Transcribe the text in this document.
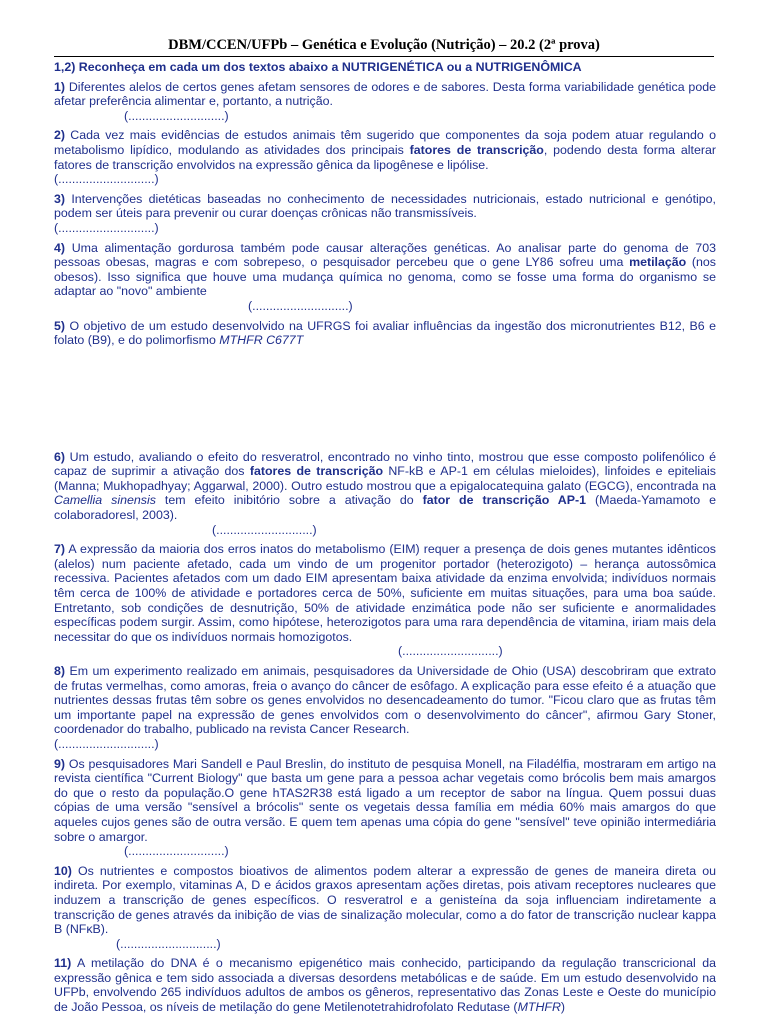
DBM/CCEN/UFPb – Genética e Evolução (Nutrição) – 20.2 (2ª prova)

1,2) Reconheça em cada um dos textos abaixo a NUTRIGENÉTICA ou a NUTRIGENÔMICA

1) Diferentes alelos de certos genes afetam sensores de odores e de sabores. Desta forma variabilidade genética pode afetar preferência alimentar e, portanto, a nutrição.
(............................)

2) Cada vez mais evidências de estudos animais têm sugerido que componentes da soja podem atuar regulando o metabolismo lipídico, modulando as atividades dos principais fatores de transcrição, podendo desta forma alterar fatores de transcrição envolvidos na expressão gênica da lipogênese e lipólise.
(............................)

3) Intervenções dietéticas baseadas no conhecimento de necessidades nutricionais, estado nutricional e genótipo, podem ser úteis para prevenir ou curar doenças crônicas não transmissíveis.
(............................)

4) Uma alimentação gordurosa também pode causar alterações genéticas. Ao analisar parte do genoma de 703 pessoas obesas, magras e com sobrepeso, o pesquisador percebeu que o gene LY86 sofreu uma metilação (nos obesos). Isso significa que houve uma mudança química no genoma, como se fosse uma forma do organismo se adaptar ao "novo" ambiente
(............................)

5) O objetivo de um estudo desenvolvido na UFRGS foi avaliar influências da ingestão dos micronutrientes B12, B6 e folato (B9), e do polimorfismo MTHFR C677T

6) Um estudo, avaliando o efeito do resveratrol, encontrado no vinho tinto, mostrou que esse composto polifenólico é capaz de suprimir a ativação dos fatores de transcrição NF-kB e AP-1 em células mieloides), linfoides e epiteliais (Manna; Mukhopadhyay; Aggarwal, 2000). Outro estudo mostrou que a epigalocatequina galato (EGCG), encontrada na Camellia sinensis tem efeito inibitório sobre a ativação do fator de transcrição AP-1 (Maeda-Yamamoto e colaboradoresl, 2003).
(............................)

7) A expressão da maioria dos erros inatos do metabolismo (EIM) requer a presença de dois genes mutantes idênticos (alelos) num paciente afetado, cada um vindo de um progenitor portador (heterozigoto) – herança autossômica recessiva. Pacientes afetados com um dado EIM apresentam baixa atividade da enzima envolvida; indivíduos normais têm cerca de 100% de atividade e portadores cerca de 50%, suficiente em muitas situações, para uma boa saúde. Entretanto, sob condições de desnutrição, 50% de atividade enzimática pode não ser suficiente e anormalidades específicas podem surgir. Assim, como hipótese, heterozigotos para uma rara dependência de vitamina, iriam mais dela necessitar do que os indivíduos normais homozigotos.
(............................)

8) Em um experimento realizado em animais, pesquisadores da Universidade de Ohio (USA) descobriram que extrato de frutas vermelhas, como amoras, freia o avanço do câncer de esôfago. A explicação para esse efeito é a atuação que nutrientes dessas frutas têm sobre os genes envolvidos no desencadeamento do tumor. "Ficou claro que as frutas têm um importante papel na expressão de genes envolvidos com o desenvolvimento do câncer", afirmou Gary Stoner, coordenador do trabalho, publicado na revista Cancer Research.
(............................)

9) Os pesquisadores Mari Sandell e Paul Breslin, do instituto de pesquisa Monell, na Filadélfia, mostraram em artigo na revista científica "Current Biology" que basta um gene para a pessoa achar vegetais como brócolis bem mais amargos do que o resto da população.O gene hTAS2R38 está ligado a um receptor de sabor na língua. Quem possui duas cópias de uma versão "sensível a brócolis" sente os vegetais dessa família em média 60% mais amargos do que aqueles cujos genes são de outra versão. E quem tem apenas uma cópia do gene "sensível" teve opinião intermediária sobre o amargor.
(............................)

10) Os nutrientes e compostos bioativos de alimentos podem alterar a expressão de genes de maneira direta ou indireta. Por exemplo, vitaminas A, D e ácidos graxos apresentam ações diretas, pois ativam receptores nucleares que induzem a transcrição de genes específicos. O resveratrol e a genisteína da soja influenciam indiretamente a transcrição de genes através da inibição de vias de sinalização molecular, como a do fator de transcrição nuclear kappa B (NFκB).
(............................)

11) A metilação do DNA é o mecanismo epigenético mais conhecido, participando da regulação transcricional da expressão gênica e tem sido associada a diversas desordens metabólicas e de saúde. Em um estudo desenvolvido na UFPb, envolvendo 265 indivíduos adultos de ambos os gêneros, representativo das Zonas Leste e Oeste do município de João Pessoa, os níveis de metilação do gene Metilenotetrahidrofolato Redutase (MTHFR)
